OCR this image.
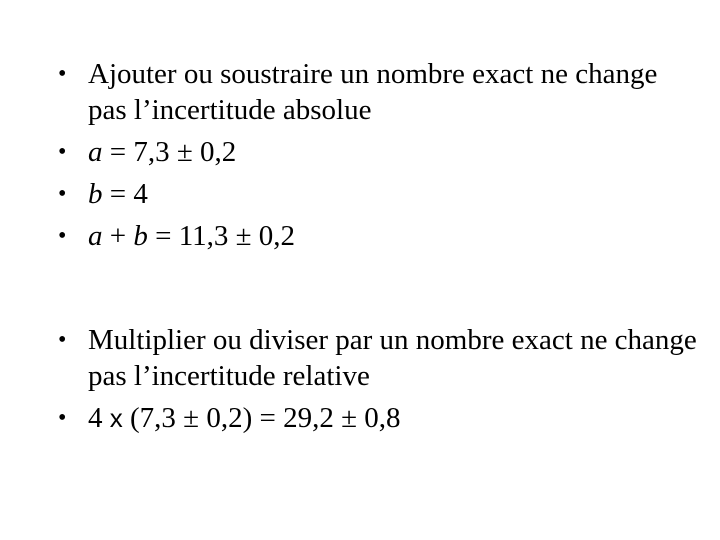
• Ajouter ou soustraire un nombre exact ne change pas l’incertitude absolue
• a = 7,3 ± 0,2
• b = 4
• a + b = 11,3 ± 0,2
• Multiplier ou diviser par un nombre exact ne change pas l’incertitude relative
• 4 x (7,3 ± 0,2) = 29,2 ± 0,8
